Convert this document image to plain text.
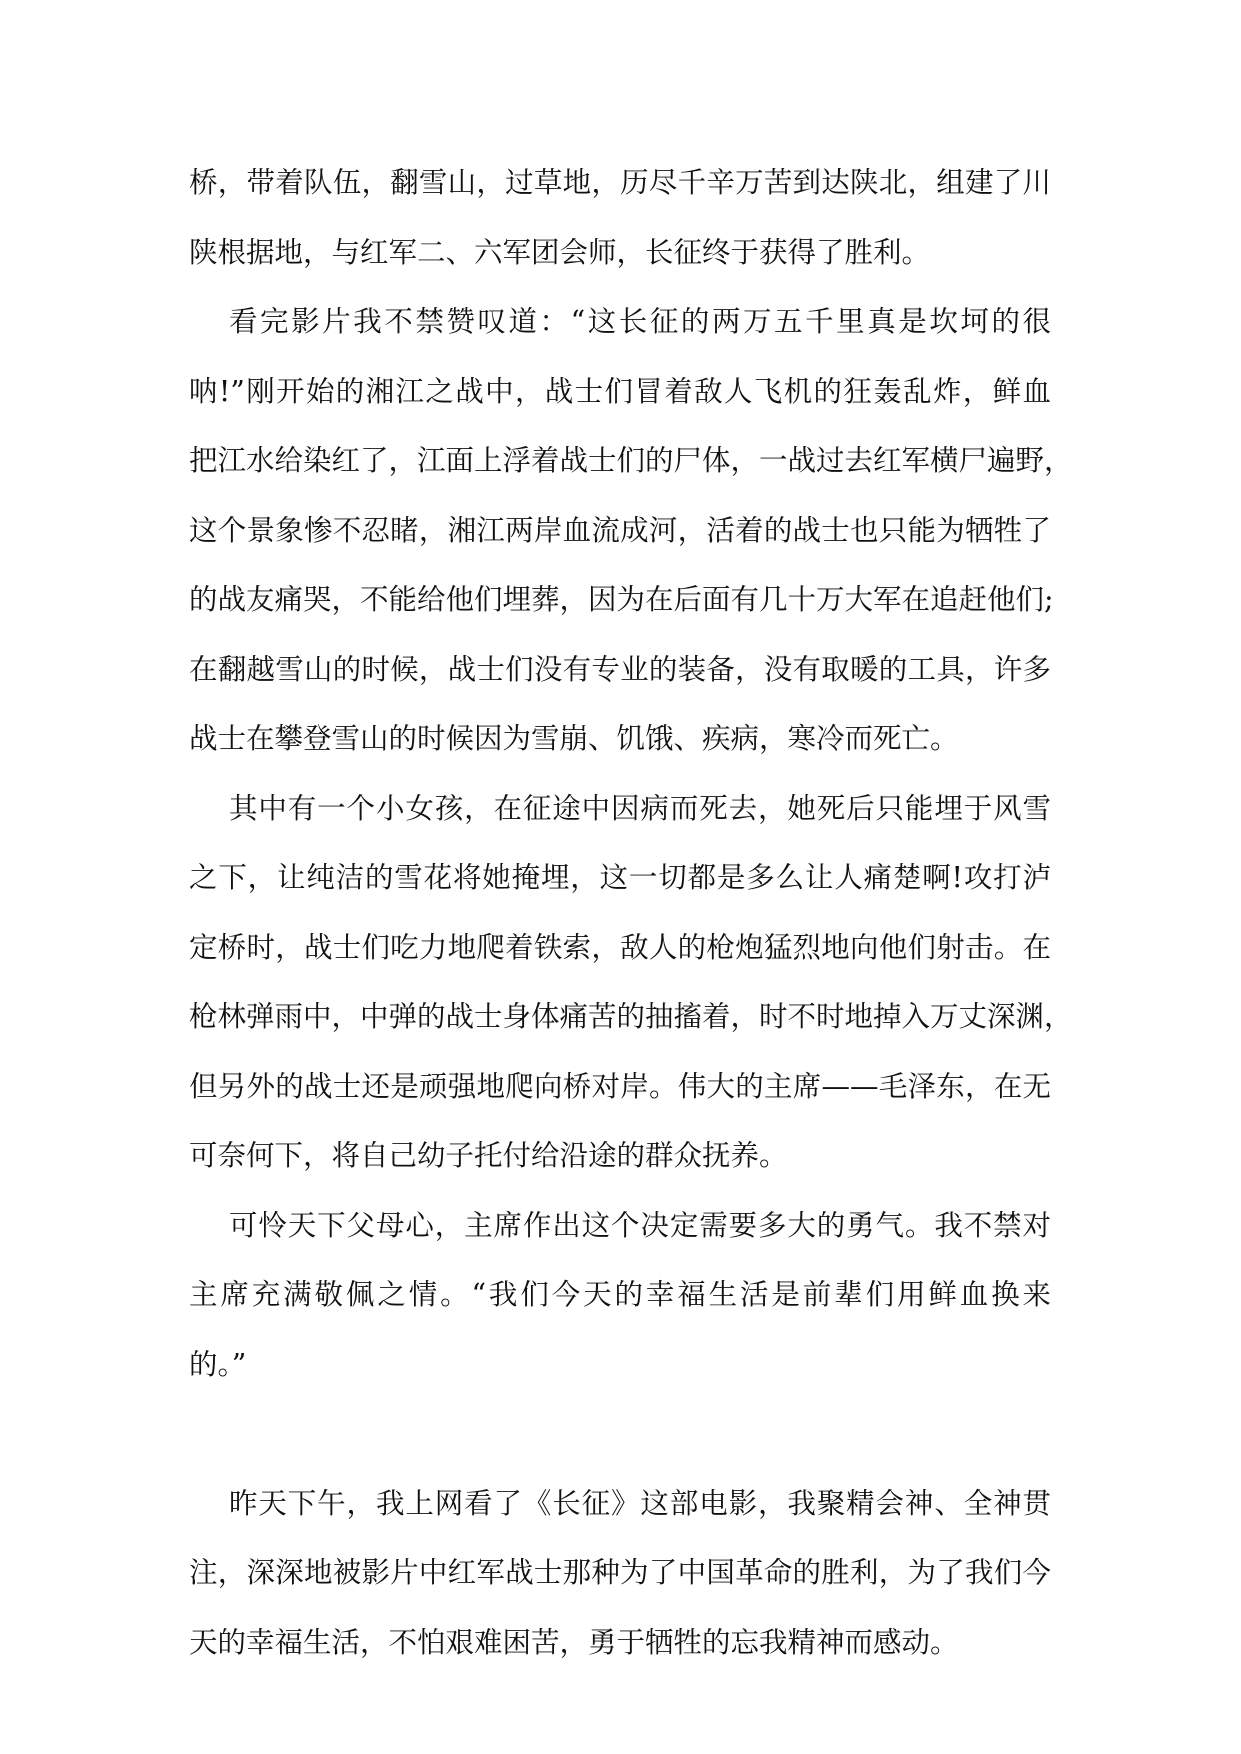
桥，带着队伍，翻雪山，过草地，历尽千辛万苦到达陕北，组建了川
陕根据地，与红军二、六军团会师，长征终于获得了胜利。
看完影片我不禁赞叹道：“这长征的两万五千里真是坎坷的很
呐!”刚开始的湘江之战中，战士们冒着敌人飞机的狂轰乱炸，鲜血
把江水给染红了，江面上浮着战士们的尸体，一战过去红军横尸遍野，
这个景象惨不忍睹，湘江两岸血流成河，活着的战士也只能为牺牲了
的战友痛哭，不能给他们埋葬，因为在后面有几十万大军在追赶他们;
在翻越雪山的时候，战士们没有专业的装备，没有取暖的工具，许多
战士在攀登雪山的时候因为雪崩、饥饿、疾病，寒冷而死亡。
其中有一个小女孩，在征途中因病而死去，她死后只能埋于风雪
之下，让纯洁的雪花将她掩埋，这一切都是多么让人痛楚啊!攻打泸
定桥时，战士们吃力地爬着铁索，敌人的枪炮猛烈地向他们射击。在
枪林弹雨中，中弹的战士身体痛苦的抽搐着，时不时地掉入万丈深渊，
但另外的战士还是顽强地爬向桥对岸。伟大的主席——毛泽东，在无
可奈何下，将自己幼子托付给沿途的群众抚养。
可怜天下父母心，主席作出这个决定需要多大的勇气。我不禁对
主席充满敬佩之情。“我们今天的幸福生活是前辈们用鲜血换来
的。”
昨天下午，我上网看了《长征》这部电影，我聚精会神、全神贯
注，深深地被影片中红军战士那种为了中国革命的胜利，为了我们今
天的幸福生活，不怕艰难困苦，勇于牺牲的忘我精神而感动。
